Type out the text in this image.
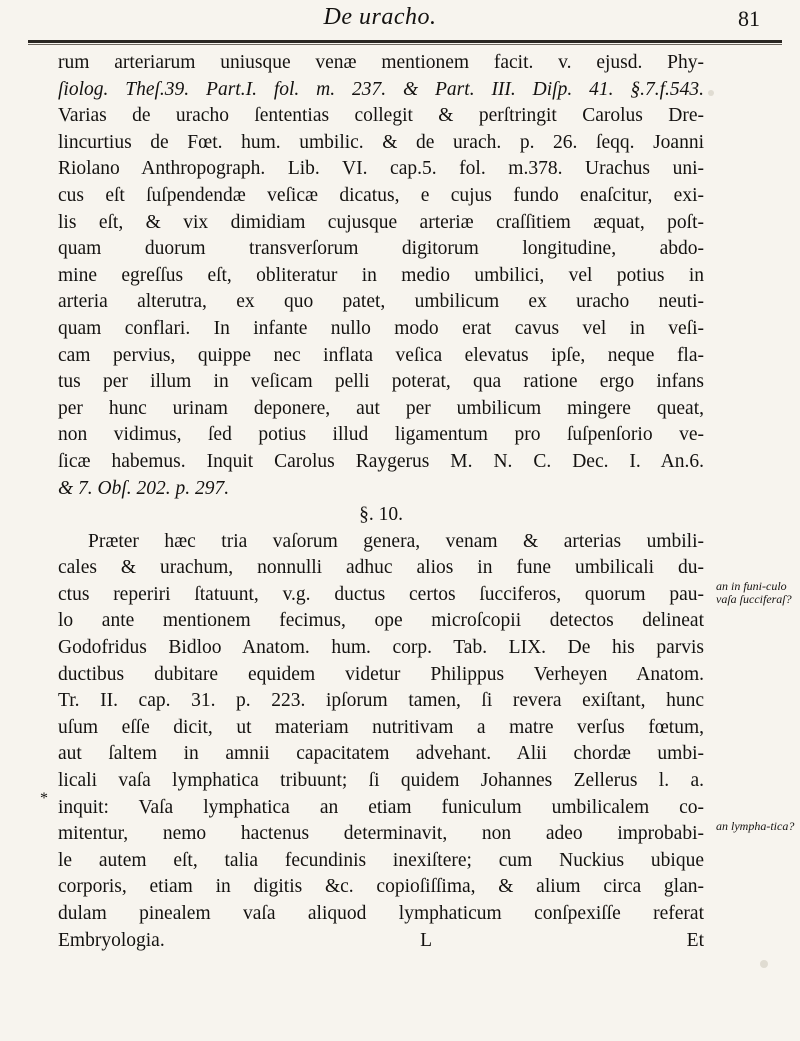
De uracho.	81
rum arteriarum uniusque venæ mentionem facit. v. ejusd. Phy-
ſiolog. Theſ.39. Part.I. fol. m. 237. & Part. III. Diſp. 41. §.7.f.543.
Varias de uracho ſententias collegit & perſtringit Carolus Dre-
lincurtius de Fœt. hum. umbilic. & de urach. p. 26. ſeqq. Joanni
Riolano Anthropograph. Lib. VI. cap.5. fol. m.378. Urachus uni-
cus eſt ſuſpendendæ veſicæ dicatus, e cujus fundo enaſcitur, exi-
lis eſt, & vix dimidiam cujusque arteriæ craſſitiem æquat, poſt-
quam duorum transverſorum digitorum longitudine, abdo-
mine egreſſus eſt, obliteratur in medio umbilici, vel potius in
arteria alterutra, ex quo patet, umbilicum ex uracho neuti-
quam conflari. In infante nullo modo erat cavus vel in veſi-
cam pervius, quippe nec inflata veſica elevatus ipſe, neque fla-
tus per illum in veſicam pelli poterat, qua ratione ergo infans
per hunc urinam deponere, aut per umbilicum mingere queat,
non vidimus, ſed potius illud ligamentum pro ſuſpenſorio ve-
ſicæ habemus. Inquit Carolus Raygerus M. N. C. Dec. I. An.6.
& 7. Obſ. 202. p. 297.
§. 10.
Præter hæc tria vaſorum genera, venam & arterias umbili-
cales & urachum, nonnulli adhuc alios in fune umbilicali du-
ctus reperiri ſtatuunt, v.g. ductus certos ſucciferos, quorum pau-
lo ante mentionem fecimus, ope microſcopii detectos delineat
Godofridus Bidloo Anatom. hum. corp. Tab. LIX. De his parvis
ductibus dubitare equidem videtur Philippus Verheyen Anatom.
Tr. II. cap. 31. p. 223. ipſorum tamen, ſi revera exiſtant, hunc
uſum eſſe dicit, ut materiam nutritivam a matre verſus fœtum,
aut ſaltem in amnii capacitatem advehant. Alii chordæ umbi-
licali vaſa lymphatica tribuunt; ſi quidem Johannes Zellerus l. a.
inquit: Vaſa lymphatica an etiam funiculum umbilicalem co-
mitentur, nemo hactenus determinavit, non adeo improbabi-
le autem eſt, talia fecundinis inexiſtere; cum Nuckius ubique
corporis, etiam in digitis &c. copioſiſſima, & alium circa glan-
dulam pinealem vaſa aliquod lymphaticum conſpexiſſe referat
Embryologia. L Et
an in funi-culo vaſa ſucciferaſ?
an lympha-tica?
*
